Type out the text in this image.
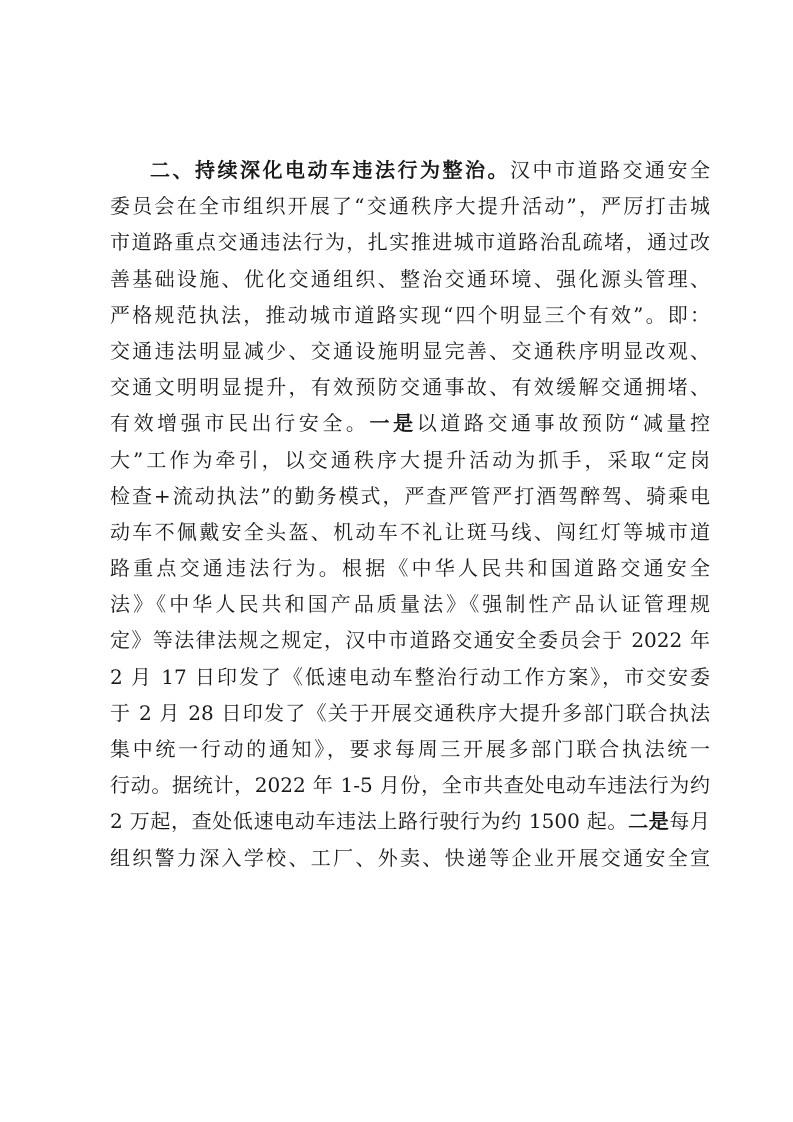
二、持续深化电动车违法行为整治。汉中市道路交通安全
委员会在全市组织开展了“交通秩序大提升活动”，严厉打击城
市道路重点交通违法行为，扎实推进城市道路治乱疏堵，通过改
善基础设施、优化交通组织、整治交通环境、强化源头管理、
严格规范执法，推动城市道路实现“四个明显三个有效”。即：
交通违法明显减少、交通设施明显完善、交通秩序明显改观、
交通文明明显提升，有效预防交通事故、有效缓解交通拥堵、
有效增强市民出行安全。一是以道路交通事故预防“减量控
大”工作为牵引，以交通秩序大提升活动为抓手，采取“定岗
检查+流动执法”的勤务模式，严查严管严打酒驾醉驾、骑乘电
动车不佩戴安全头盔、机动车不礼让斑马线、闯红灯等城市道
路重点交通违法行为。根据《中华人民共和国道路交通安全
法》《中华人民共和国产品质量法》《强制性产品认证管理规
定》等法律法规之规定，汉中市道路交通安全委员会于 2022 年
2 月 17 日印发了《低速电动车整治行动工作方案》，市交安委
于 2 月 28 日印发了《关于开展交通秩序大提升多部门联合执法
集中统一行动的通知》，要求每周三开展多部门联合执法统一
行动。据统计，2022 年 1-5 月份，全市共查处电动车违法行为约
2 万起，查处低速电动车违法上路行驶行为约 1500 起。二是每月
组织警力深入学校、工厂、外卖、快递等企业开展交通安全宣
